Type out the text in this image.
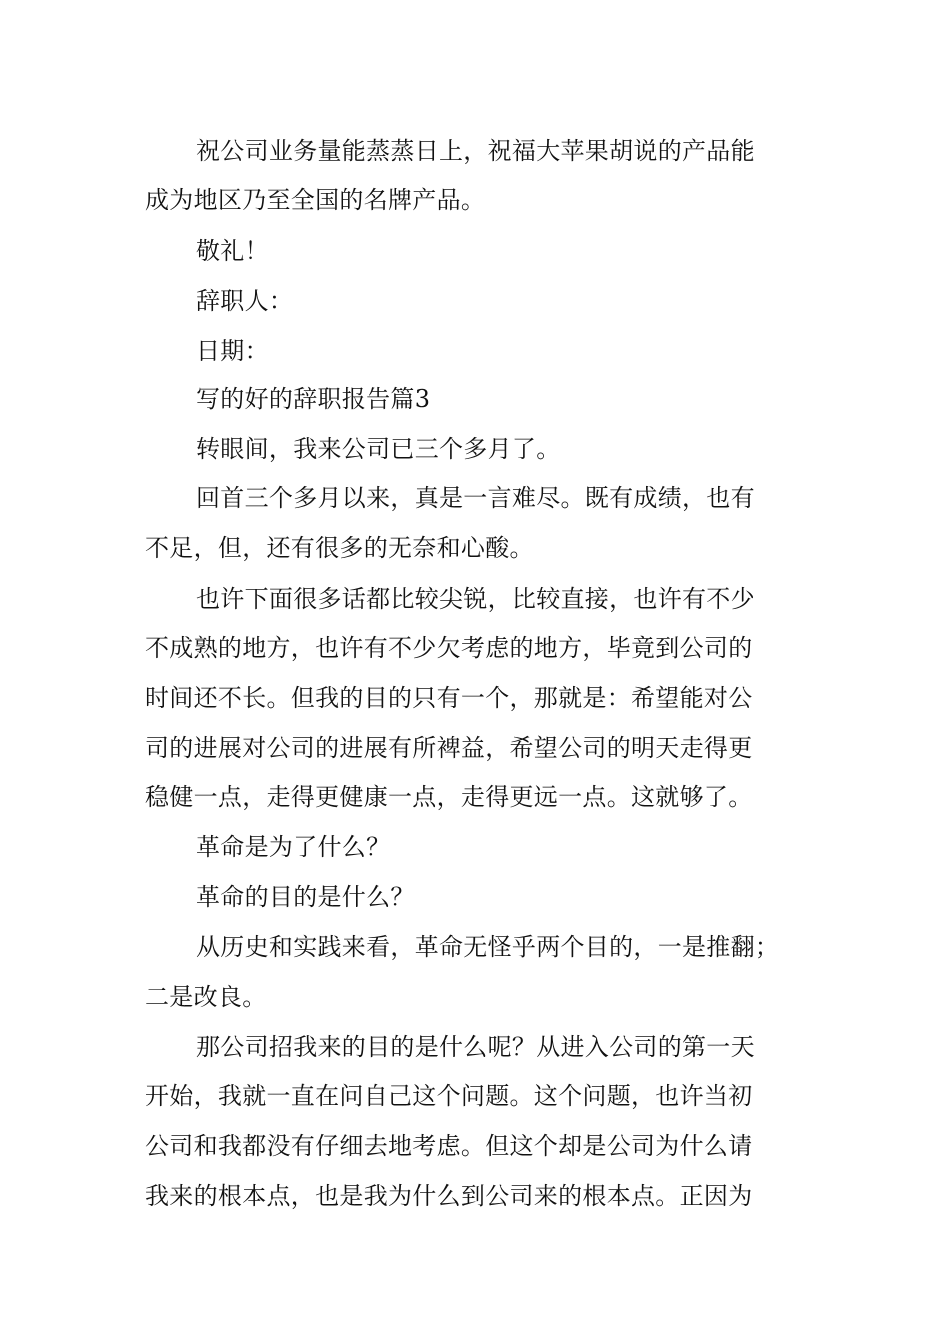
祝公司业务量能蒸蒸日上，祝福大苹果胡说的产品能
成为地区乃至全国的名牌产品。
敬礼！
辞职人：
日期：
写的好的辞职报告篇3
转眼间，我来公司已三个多月了。
回首三个多月以来，真是一言难尽。既有成绩，也有
不足，但，还有很多的无奈和心酸。
也许下面很多话都比较尖锐，比较直接，也许有不少
不成熟的地方，也许有不少欠考虑的地方，毕竟到公司的
时间还不长。但我的目的只有一个，那就是：希望能对公
司的进展对公司的进展有所裨益，希望公司的明天走得更
稳健一点，走得更健康一点，走得更远一点。这就够了。
革命是为了什么？
革命的目的是什么？
从历史和实践来看，革命无怪乎两个目的，一是推翻；
二是改良。
那公司招我来的目的是什么呢？从进入公司的第一天
开始，我就一直在问自己这个问题。这个问题，也许当初
公司和我都没有仔细去地考虑。但这个却是公司为什么请
我来的根本点，也是我为什么到公司来的根本点。正因为
